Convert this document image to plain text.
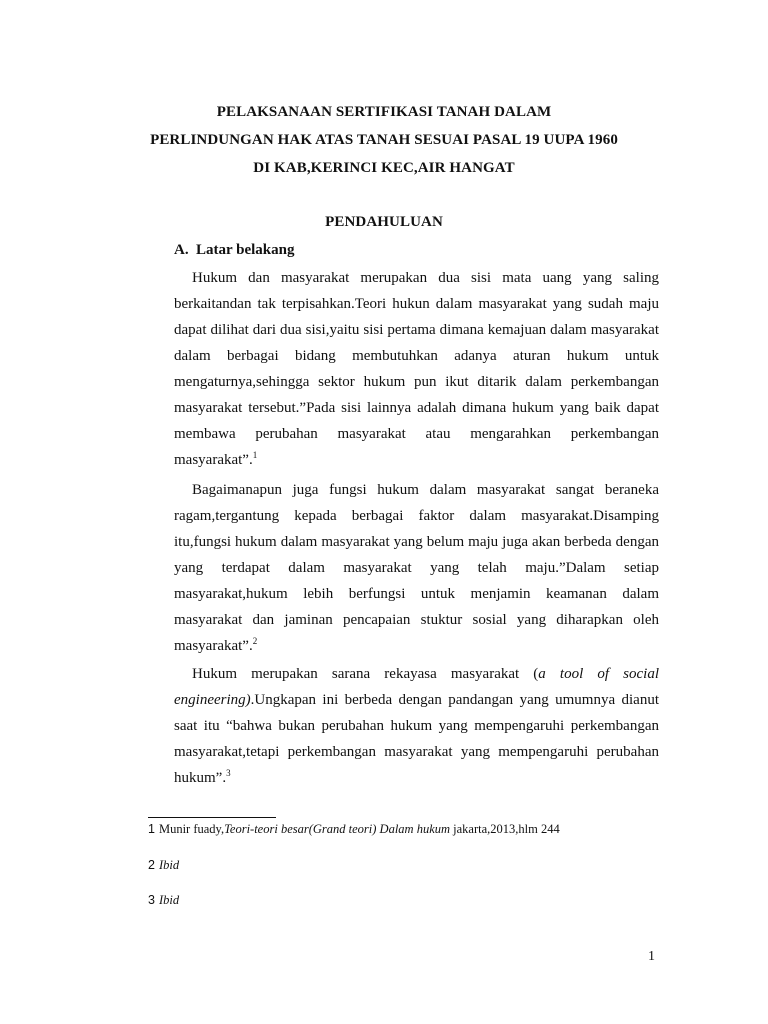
PELAKSANAAN SERTIFIKASI TANAH DALAM
PERLINDUNGAN HAK ATAS TANAH SESUAI PASAL 19 UUPA 1960
DI KAB,KERINCI KEC,AIR HANGAT
PENDAHULUAN
A. Latar belakang

Hukum dan masyarakat merupakan dua sisi mata uang yang saling berkaitandan tak terpisahkan.Teori hukun dalam masyarakat yang sudah maju dapat dilihat dari dua sisi,yaitu sisi pertama dimana kemajuan dalam masyarakat dalam berbagai bidang membutuhkan adanya aturan hukum untuk mengaturnya,sehingga sektor hukum pun ikut ditarik dalam perkembangan masyarakat tersebut.”Pada sisi lainnya adalah dimana hukum yang baik dapat membawa perubahan masyarakat atau mengarahkan perkembangan masyarakat”.$^1$

Bagaimanapun juga fungsi hukum dalam masyarakat sangat beraneka ragam,tergantung kepada berbagai faktor dalam masyarakat.Disamping itu,fungsi hukum dalam masyarakat yang belum maju juga akan berbeda dengan yang terdapat dalam masyarakat yang telah maju.”Dalam setiap masyarakat,hukum lebih berfungsi untuk menjamin keamanan dalam masyarakat dan jaminan pencapaian stuktur sosial yang diharapkan oleh masyarakat”.$^2$

Hukum merupakan sarana rekayasa masyarakat (a tool of social engineering).Ungkapan ini berbeda dengan pandangan yang umumnya dianut saat itu “bahwa bukan perubahan hukum yang mempengaruhi perkembangan masyarakat,tetapi perkembangan masyarakat yang mempengaruhi perubahan hukum”.$^3$

1 Munir fuady,Teori-teori besar(Grand teori) Dalam hukum jakarta,2013,hlm 244
2 Ibid
3 Ibid
1
